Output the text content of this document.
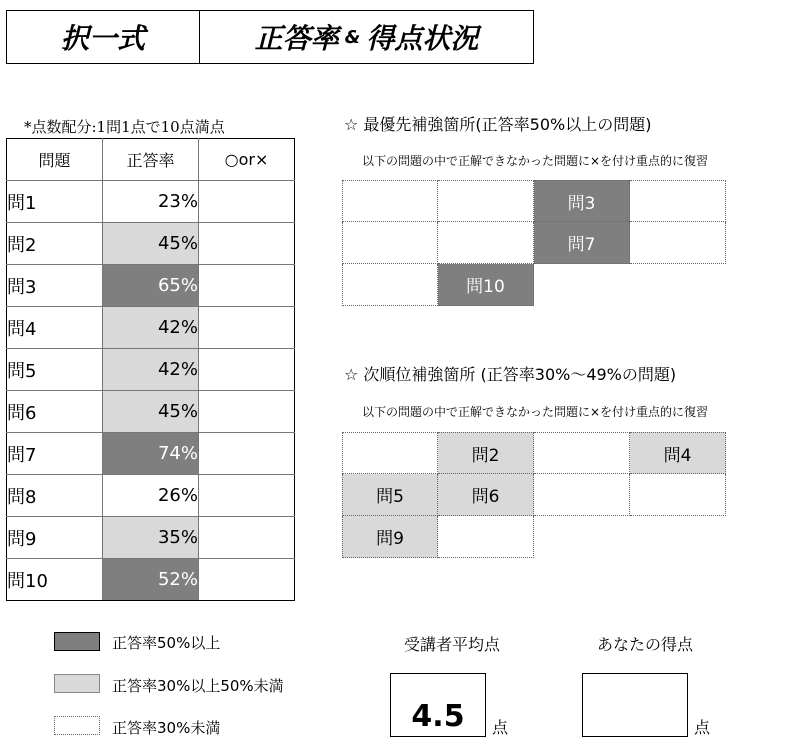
択一式	正答率 & 得点状況
*点数配分:1問1点で10点満点
問題	正答率	○or×
問1	23%	
問2	45%	
問3	65%	
問4	42%	
問5	42%	
問6	45%	
問7	74%	
問8	26%	
問9	35%	
問10	52%	
☆ 最優先補強箇所(正答率50%以上の問題)
以下の問題の中で正解できなかった問題に×を付け重点的に復習
問3
問7
問10
☆ 次順位補強箇所 (正答率30%〜49%の問題)
以下の問題の中で正解できなかった問題に×を付け重点的に復習
問2	問4
問5	問6
問9
正答率50%以上
正答率30%以上50%未満
正答率30%未満
受講者平均点
4.5	点
あなたの得点
点
